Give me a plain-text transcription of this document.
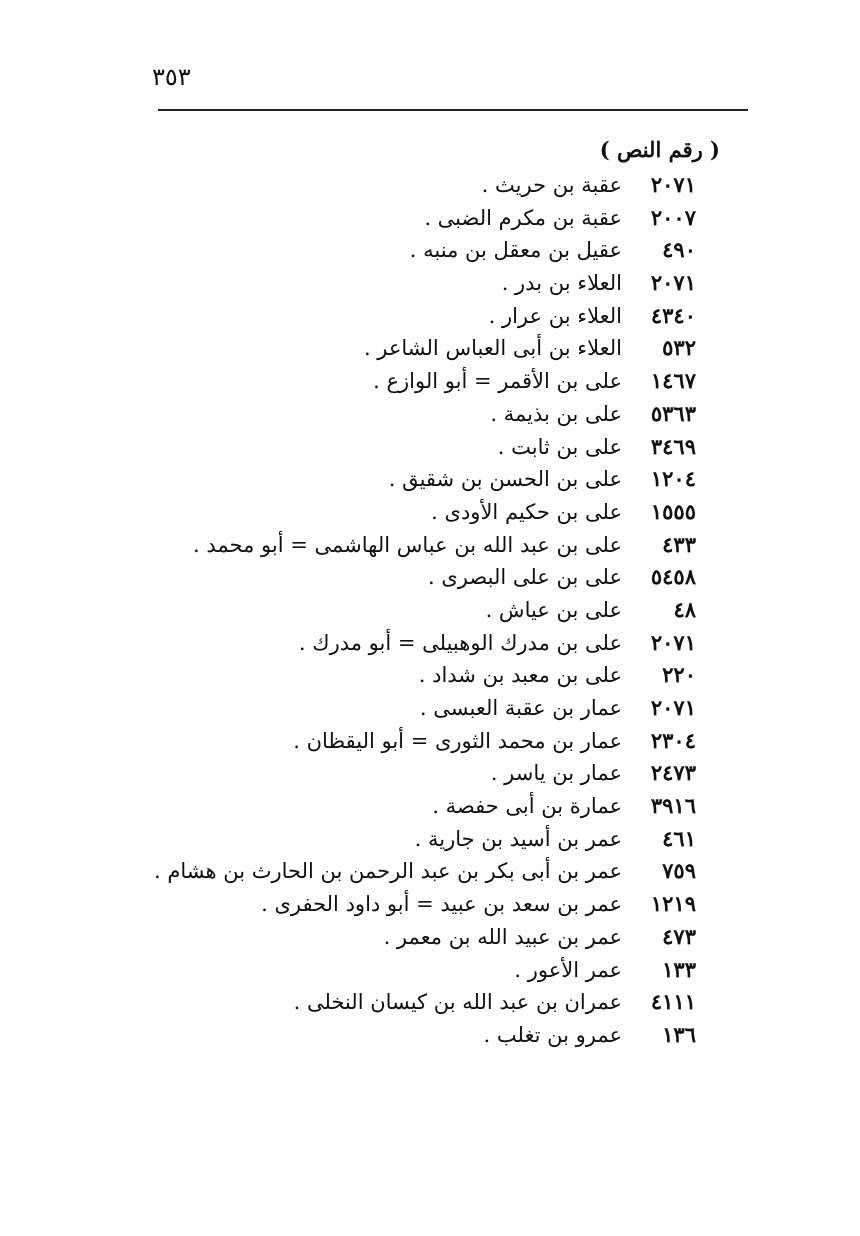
٣٥٣
( رقم النص )
٢٠٧١
عقبة بن حريث .
٢٠٠٧
عقبة بن مكرم الضبى .
٤٩٠
عقيل بن معقل بن منبه .
٢٠٧١
العلاء بن بدر .
٤٣٤٠
العلاء بن عرار .
٥٣٢
العلاء بن أبى العباس الشاعر .
١٤٦٧
على بن الأقمر = أبو الوازع .
٥٣٦٣
على بن بذيمة .
٣٤٦٩
على بن ثابت .
١٢٠٤
على بن الحسن بن شقيق .
١٥٥٥
على بن حكيم الأودى .
٤٣٣
على بن عبد الله بن عباس الهاشمى = أبو محمد .
٥٤٥٨
على بن على البصرى .
٤٨
على بن عياش .
٢٠٧١
على بن مدرك الوهبيلى = أبو مدرك .
٢٢٠
على بن معبد بن شداد .
٢٠٧١
عمار بن عقبة العبسى .
٢٣٠٤
عمار بن محمد الثورى = أبو اليقظان .
٢٤٧٣
عمار بن ياسر .
٣٩١٦
عمارة بن أبى حفصة .
٤٦١
عمر بن أسيد بن جارية .
٧٥٩
عمر بن أبى بكر بن عبد الرحمن بن الحارث بن هشام .
١٢١٩
عمر بن سعد بن عبيد = أبو داود الحفرى .
٤٧٣
عمر بن عبيد الله بن معمر .
١٣٣
عمر الأعور .
٤١١١
عمران بن عبد الله بن كيسان النخلى .
١٣٦
عمرو بن تغلب .
